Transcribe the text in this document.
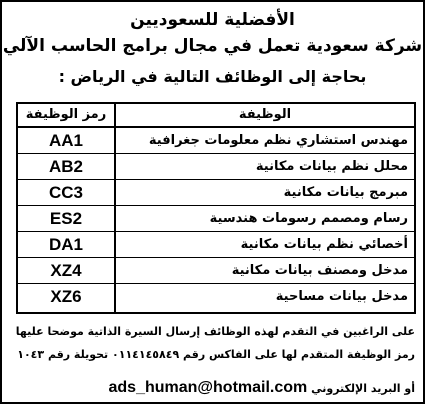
الأفضلية للسعوديين
شركة سعودية تعمل في مجال برامج الحاسب الآلي
بحاجة إلى الوظائف التالية في الرياض :
الوظيفة
رمز الوظيفة
مهندس استشاري نظم معلومات جغرافية
AA1
محلل نظم بيانات مكانية
AB2
مبرمج بيانات مكانية
CC3
رسام ومصمم رسومات هندسية
ES2
أخصائي نظم بيانات مكانية
DA1
مدخل ومصنف بيانات مكانية
XZ4
مدخل بيانات مساحية
XZ6
على الراغبين في التقدم لهذه الوظائف إرسال السيرة الذاتية موضحا عليها
رمز الوظيفة المتقدم لها على الفاكس رقم ٠١١٤١٤٥٨٤٩ تحويلة رقم ١٠٤٣
أو البريد الإلكتروني ads_human@hotmail.com
